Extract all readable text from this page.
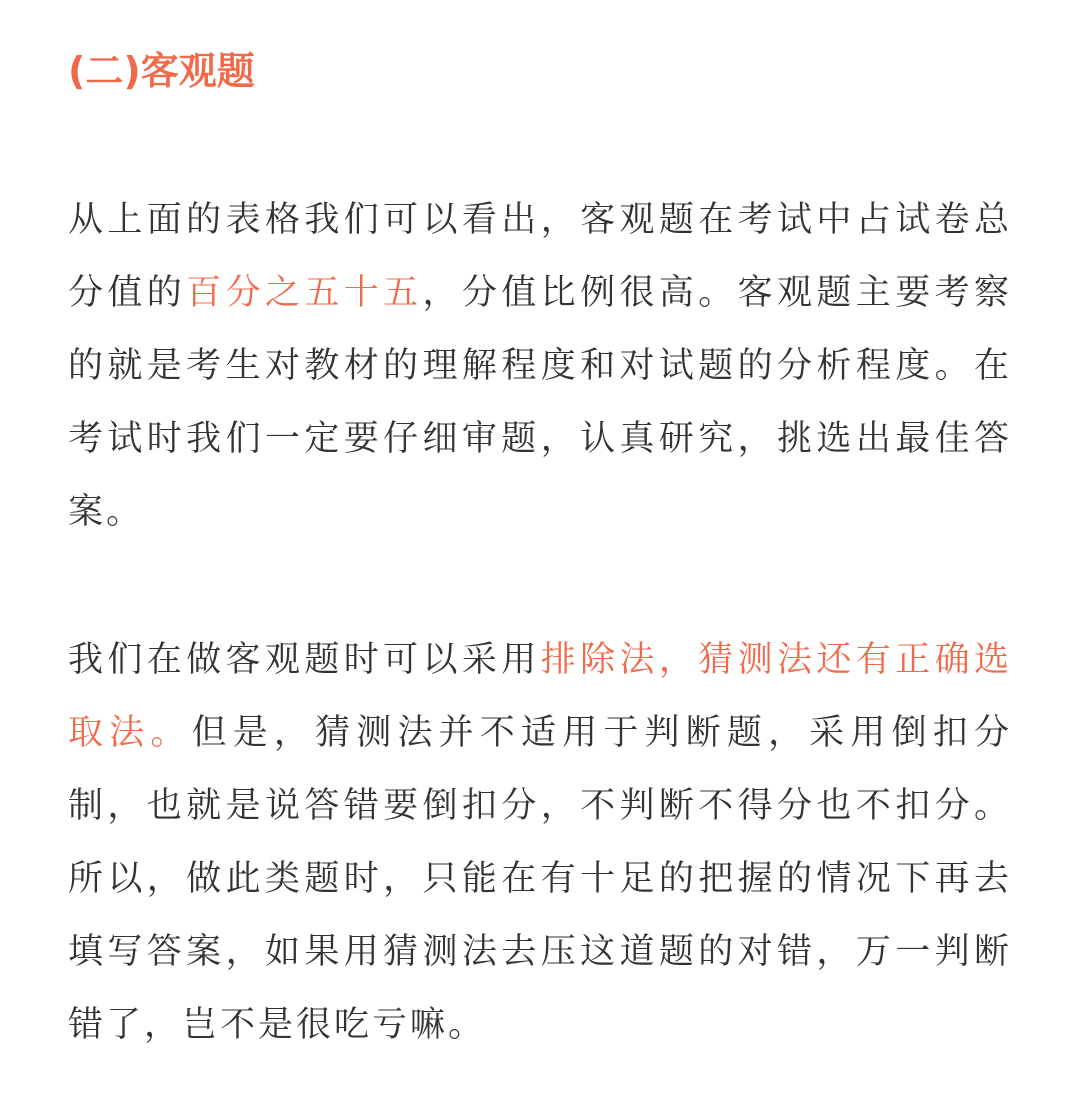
(二)客观题

从上面的表格我们可以看出，客观题在考试中占试卷总分值的百分之五十五，分值比例很高。客观题主要考察的就是考生对教材的理解程度和对试题的分析程度。在考试时我们一定要仔细审题，认真研究，挑选出最佳答案。

我们在做客观题时可以采用排除法，猜测法还有正确选取法。但是，猜测法并不适用于判断题，采用倒扣分制，也就是说答错要倒扣分，不判断不得分也不扣分。所以，做此类题时，只能在有十足的把握的情况下再去填写答案，如果用猜测法去压这道题的对错，万一判断错了，岂不是很吃亏嘛。
